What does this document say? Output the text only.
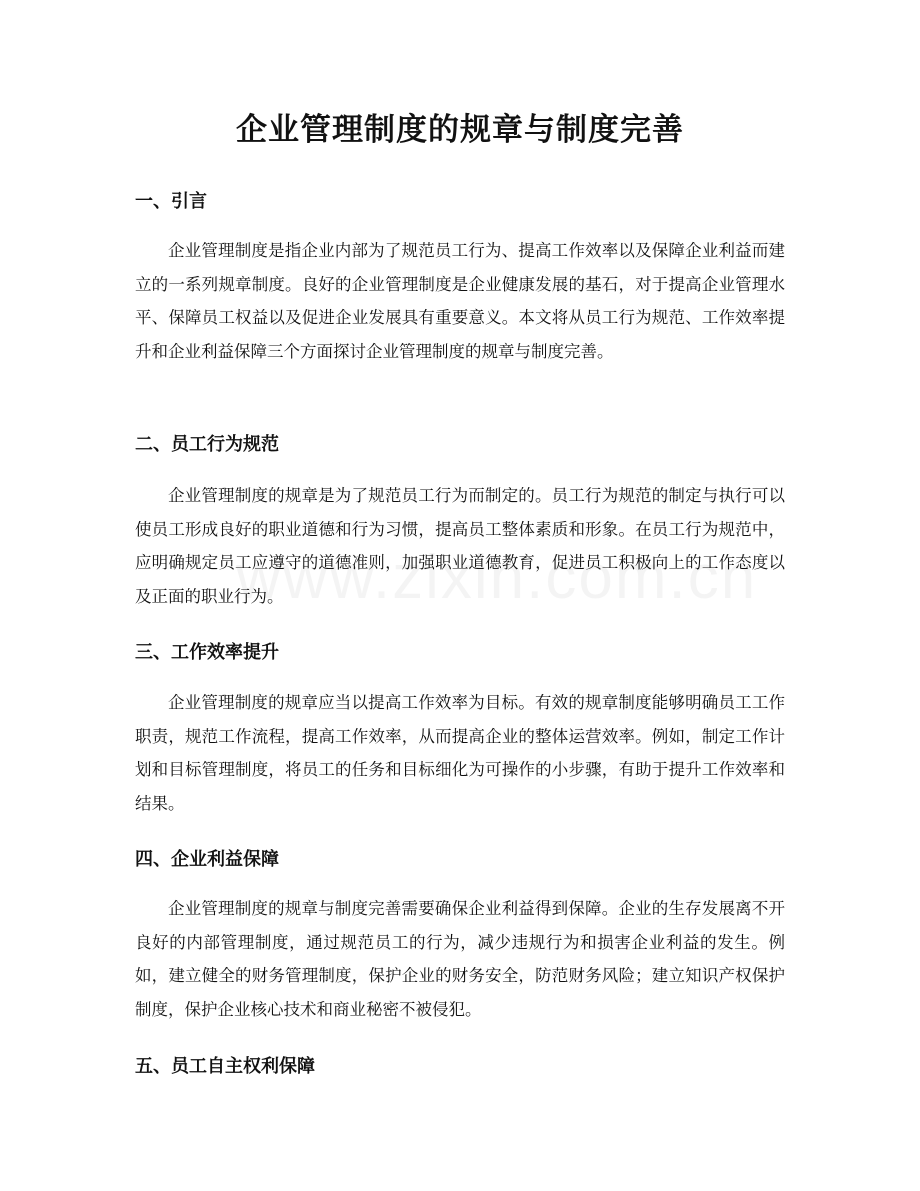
企业管理制度的规章与制度完善
一、引言

企业管理制度是指企业内部为了规范员工行为、提高工作效率以及保障企业利益而建立的一系列规章制度。良好的企业管理制度是企业健康发展的基石，对于提高企业管理水平、保障员工权益以及促进企业发展具有重要意义。本文将从员工行为规范、工作效率提升和企业利益保障三个方面探讨企业管理制度的规章与制度完善。

二、员工行为规范

企业管理制度的规章是为了规范员工行为而制定的。员工行为规范的制定与执行可以使员工形成良好的职业道德和行为习惯，提高员工整体素质和形象。在员工行为规范中，应明确规定员工应遵守的道德准则，加强职业道德教育，促进员工积极向上的工作态度以及正面的职业行为。

三、工作效率提升

企业管理制度的规章应当以提高工作效率为目标。有效的规章制度能够明确员工工作职责，规范工作流程，提高工作效率，从而提高企业的整体运营效率。例如，制定工作计划和目标管理制度，将员工的任务和目标细化为可操作的小步骤，有助于提升工作效率和结果。

四、企业利益保障

企业管理制度的规章与制度完善需要确保企业利益得到保障。企业的生存发展离不开良好的内部管理制度，通过规范员工的行为，减少违规行为和损害企业利益的发生。例如，建立健全的财务管理制度，保护企业的财务安全，防范财务风险；建立知识产权保护制度，保护企业核心技术和商业秘密不被侵犯。

五、员工自主权利保障
